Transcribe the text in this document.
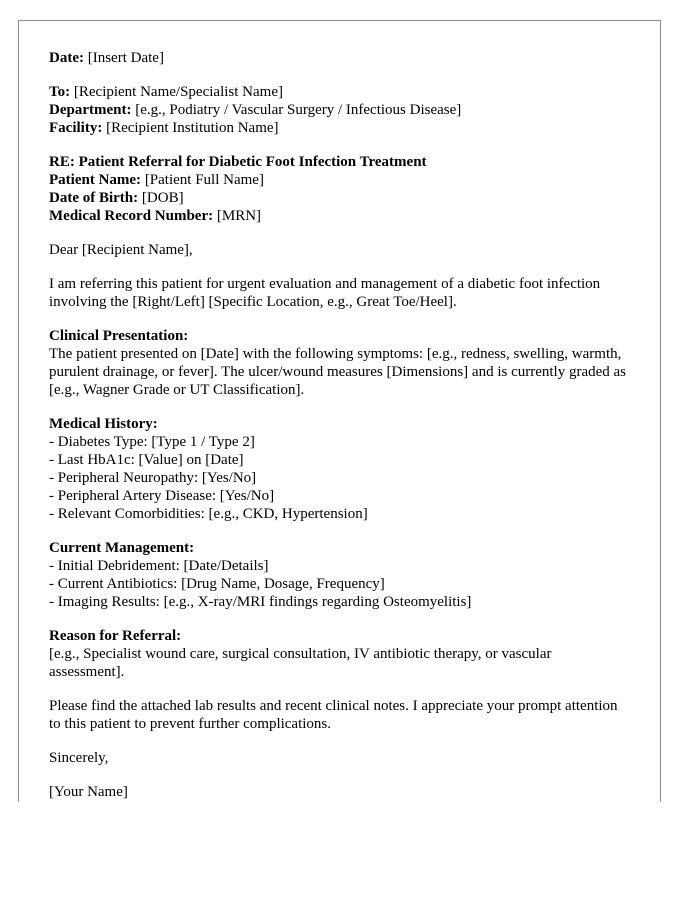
Date: [Insert Date]
To: [Recipient Name/Specialist Name]
Department: [e.g., Podiatry / Vascular Surgery / Infectious Disease]
Facility: [Recipient Institution Name]
RE: Patient Referral for Diabetic Foot Infection Treatment
Patient Name: [Patient Full Name]
Date of Birth: [DOB]
Medical Record Number: [MRN]
Dear [Recipient Name],
I am referring this patient for urgent evaluation and management of a diabetic foot infection involving the [Right/Left] [Specific Location, e.g., Great Toe/Heel].
Clinical Presentation:
The patient presented on [Date] with the following symptoms: [e.g., redness, swelling, warmth, purulent drainage, or fever]. The ulcer/wound measures [Dimensions] and is currently graded as [e.g., Wagner Grade or UT Classification].
Medical History:
- Diabetes Type: [Type 1 / Type 2]
- Last HbA1c: [Value] on [Date]
- Peripheral Neuropathy: [Yes/No]
- Peripheral Artery Disease: [Yes/No]
- Relevant Comorbidities: [e.g., CKD, Hypertension]
Current Management:
- Initial Debridement: [Date/Details]
- Current Antibiotics: [Drug Name, Dosage, Frequency]
- Imaging Results: [e.g., X-ray/MRI findings regarding Osteomyelitis]
Reason for Referral:
[e.g., Specialist wound care, surgical consultation, IV antibiotic therapy, or vascular assessment].
Please find the attached lab results and recent clinical notes. I appreciate your prompt attention to this patient to prevent further complications.
Sincerely,
[Your Name]
